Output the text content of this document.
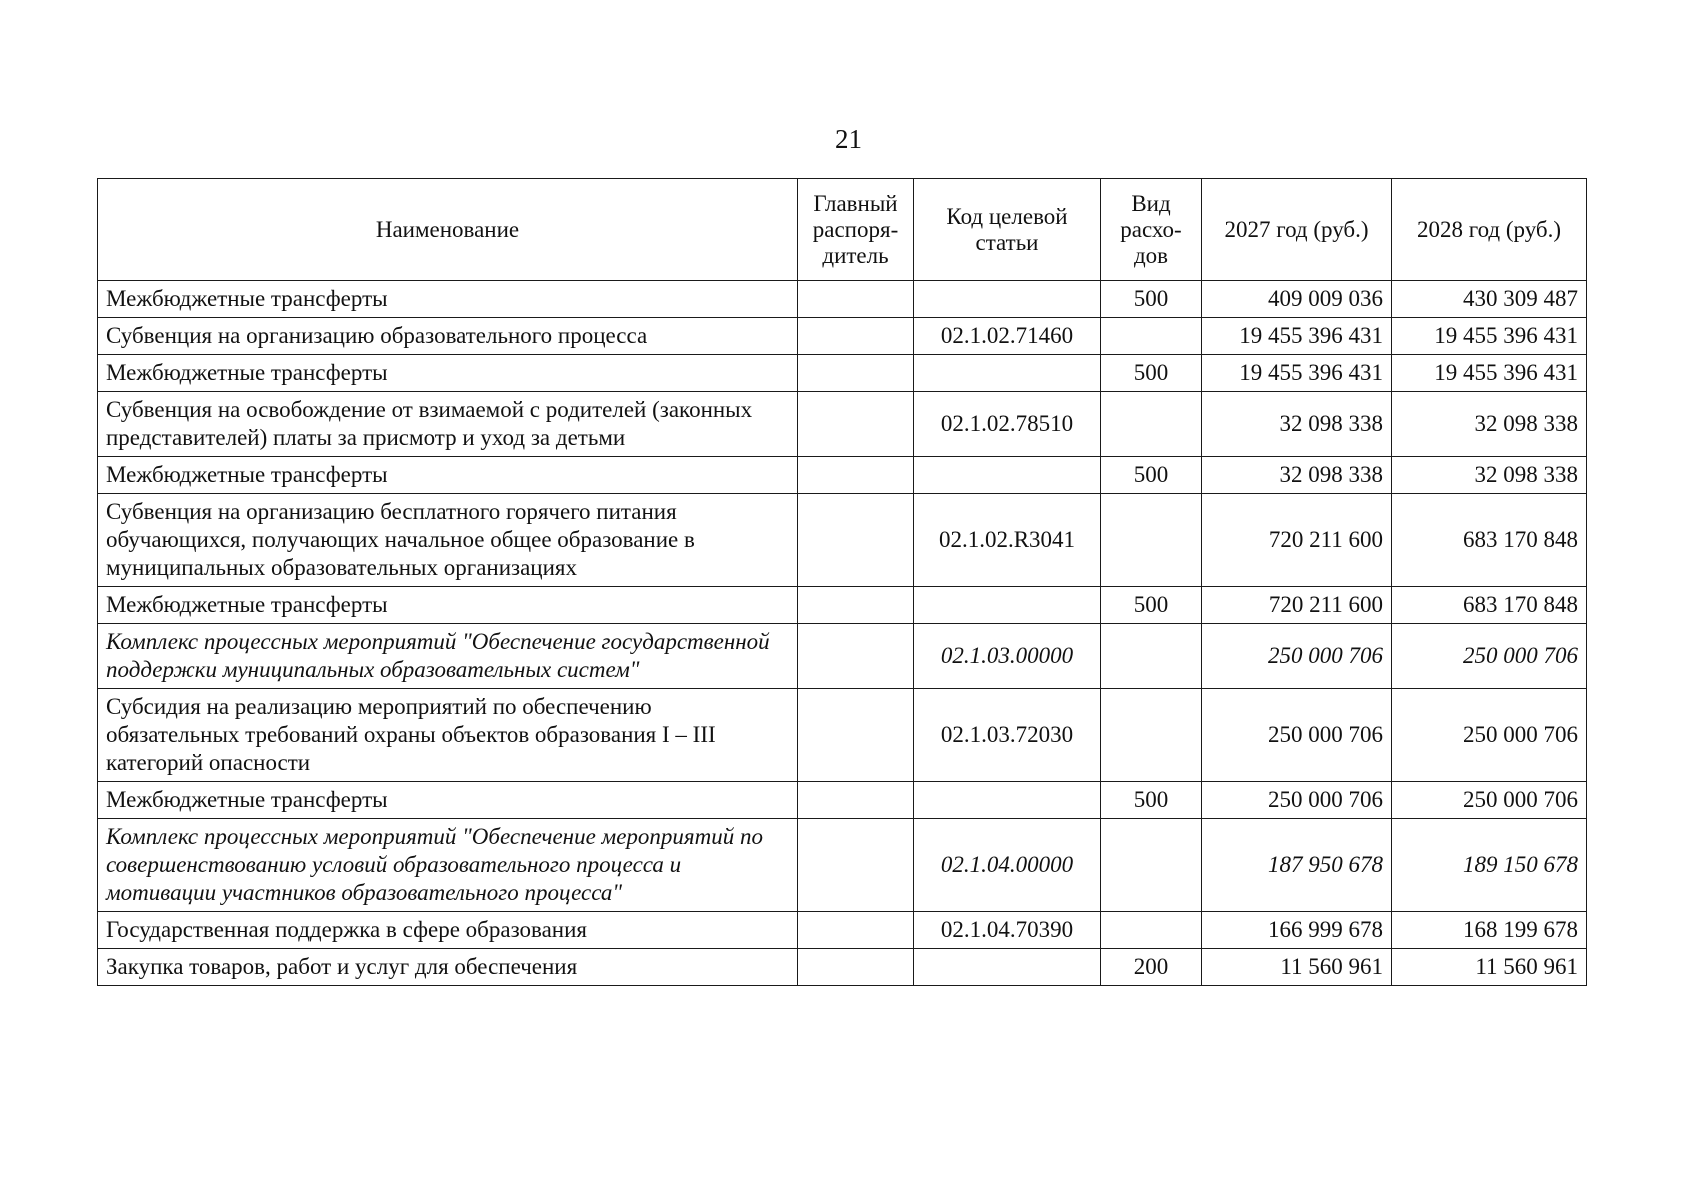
21
Наименование	Главный распоря-дитель	Код целевой статьи	Вид расхо-дов	2027 год (руб.)	2028 год (руб.)
Межбюджетные трансферты			500	409 009 036	430 309 487
Субвенция на организацию образовательного процесса		02.1.02.71460		19 455 396 431	19 455 396 431
Межбюджетные трансферты			500	19 455 396 431	19 455 396 431
Субвенция на освобождение от взимаемой с родителей (законных представителей) платы за присмотр и уход за детьми		02.1.02.78510		32 098 338	32 098 338
Межбюджетные трансферты			500	32 098 338	32 098 338
Субвенция на организацию бесплатного горячего питания обучающихся, получающих начальное общее образование в муниципальных образовательных организациях		02.1.02.R3041		720 211 600	683 170 848
Межбюджетные трансферты			500	720 211 600	683 170 848
Комплекс процессных мероприятий "Обеспечение государственной поддержки муниципальных образовательных систем"		02.1.03.00000		250 000 706	250 000 706
Субсидия на реализацию мероприятий по обеспечению обязательных требований охраны объектов образования I – III категорий опасности		02.1.03.72030		250 000 706	250 000 706
Межбюджетные трансферты			500	250 000 706	250 000 706
Комплекс процессных мероприятий "Обеспечение мероприятий по совершенствованию условий образовательного процесса и мотивации участников образовательного процесса"		02.1.04.00000		187 950 678	189 150 678
Государственная поддержка в сфере образования		02.1.04.70390		166 999 678	168 199 678
Закупка товаров, работ и услуг для обеспечения			200	11 560 961	11 560 961
